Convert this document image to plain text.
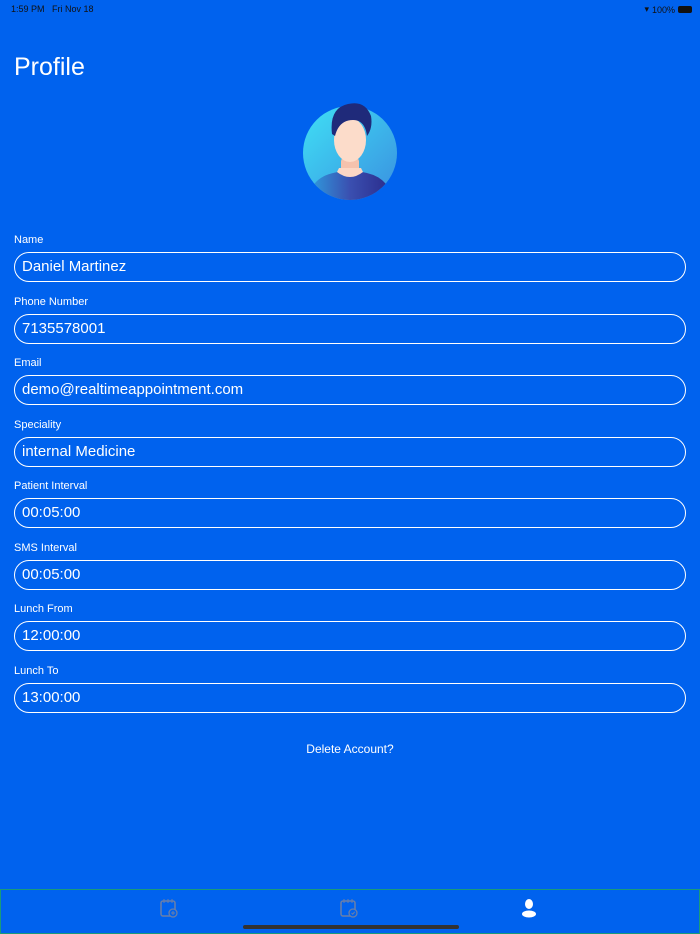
1:59 PM Fri Nov 18	▾ 100%
Profile
Name
Daniel Martinez
Phone Number
7135578001
Email
demo@realtimeappointment.com
Speciality
internal Medicine
Patient Interval
00:05:00
SMS Interval
00:05:00
Lunch From
12:00:00
Lunch To
13:00:00
Delete Account?
